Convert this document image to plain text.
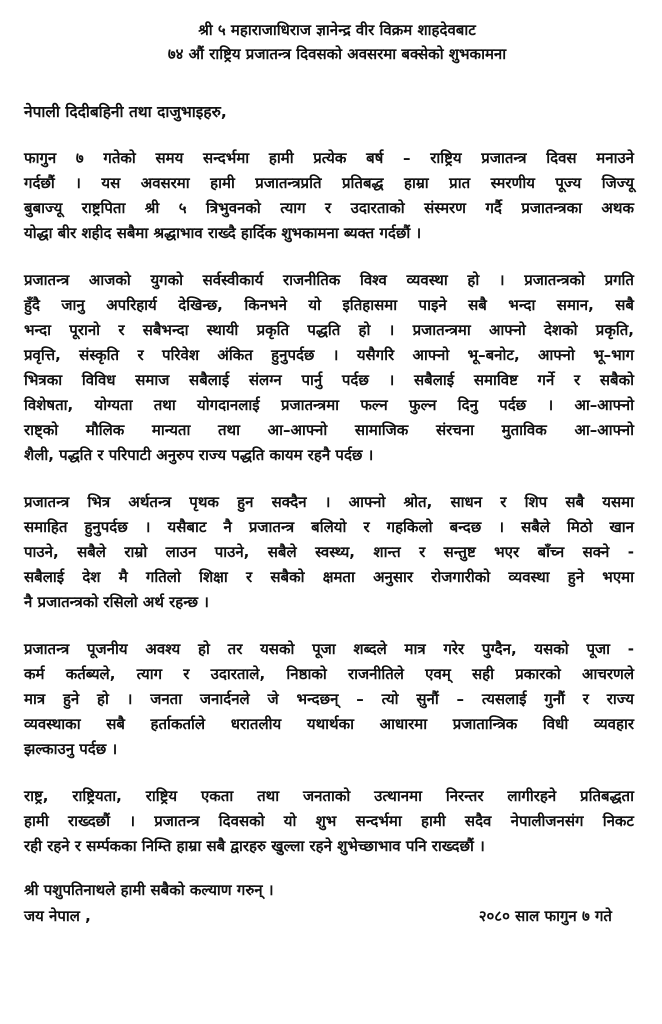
श्री ५ महाराजाधिराज ज्ञानेन्द्र वीर विक्रम शाहदेवबाट
७४ औं राष्ट्रिय प्रजातन्त्र दिवसको अवसरमा बक्सेको शुभकामना
नेपाली दिदीबहिनी तथा दाजुभाइहरु,
फागुन ७ गतेको समय सन्दर्भमा हामी प्रत्येक बर्ष – राष्ट्रिय प्रजातन्त्र दिवस मनाउने
गर्दछौं । यस अवसरमा हामी प्रजातन्त्रप्रति प्रतिबद्ध हाम्रा प्रात स्मरणीय पूज्य जिज्यू
बुबाज्यू राष्ट्रपिता श्री ५ त्रिभुवनको त्याग र उदारताको संस्मरण गर्दै प्रजातन्त्रका अथक
योद्धा बीर शहीद सबैमा श्रद्धाभाव राख्दै हार्दिक शुभकामना ब्यक्त गर्दछौं ।
प्रजातन्त्र आजको युगको सर्वस्वीकार्य राजनीतिक विश्व व्यवस्था हो । प्रजातन्त्रको प्रगति
हुँदै जानु अपरिहार्य देखिन्छ, किनभने यो इतिहासमा पाइने सबै भन्दा समान, सबै
भन्दा पूरानो र सबैभन्दा स्थायी प्रकृति पद्धति हो । प्रजातन्त्रमा आफ्नो देशको प्रकृति,
प्रवृत्ति, संस्कृति र परिवेश अंकित हुनुपर्दछ । यसैगरि आफ्नो भू–बनोट, आफ्नो भू–भाग
भित्रका विविध समाज सबैलाई संलग्न पार्नु पर्दछ । सबैलाई समाविष्ट गर्ने र सबैको
विशेषता, योग्यता तथा योगदानलाई प्रजातन्त्रमा फल्न फुल्न दिनु पर्दछ । आ–आफ्नो
राष्ट्को मौलिक मान्यता तथा आ–आफ्नो सामाजिक संरचना मुताविक आ–आफ्नो
शैली, पद्धति र परिपाटी अनुरुप राज्य पद्धति कायम रहनै पर्दछ ।
प्रजातन्त्र भित्र अर्थतन्त्र पृथक हुन सक्दैन । आफ्नो श्रोत, साधन र शिप सबै यसमा
समाहित हुनुपर्दछ । यसैबाट नै प्रजातन्त्र बलियो र गहकिलो बन्दछ । सबैले मिठो खान
पाउने, सबैले राम्रो लाउन पाउने, सबैले स्वस्थ्य, शान्त र सन्तुष्ट भएर बाँच्न सक्ने -
सबैलाई देश मै गतिलो शिक्षा र सबैको क्षमता अनुसार रोजगारीको व्यवस्था हुने भएमा
नै प्रजातन्त्रको रसिलो अर्थ रहन्छ ।
प्रजातन्त्र पूजनीय अवश्य हो तर यसको पूजा शब्दले मात्र गरेर पुग्दैन, यसको पूजा -
कर्म कर्तब्यले, त्याग र उदारताले, निष्ठाको राजनीतिले एवम् सही प्रकारको आचरणले
मात्र हुने हो । जनता जनार्दनले जे भन्दछन् – त्यो सुनौं – त्यसलाई गुनौं र राज्य
व्यवस्थाका सबै हर्ताकर्ताले धरातलीय यथार्थका आधारमा प्रजातान्त्रिक विधी व्यवहार
झल्काउनु पर्दछ ।
राष्ट्र, राष्ट्रियता, राष्ट्रिय एकता तथा जनताको उत्थानमा निरन्तर लागीरहने प्रतिबद्धता
हामी राख्दछौं । प्रजातन्त्र दिवसको यो शुभ सन्दर्भमा हामी सदैव नेपालीजनसंग निकट
रही रहने र सर्म्पकका निम्ति हाम्रा सबै द्वारहरु खुल्ला रहने शुभेच्छाभाव पनि राख्दछौं ।
श्री पशुपतिनाथले हामी सबैको कल्याण गरुन् ।
जय नेपाल ,	२०८० साल फागुन ७ गते
